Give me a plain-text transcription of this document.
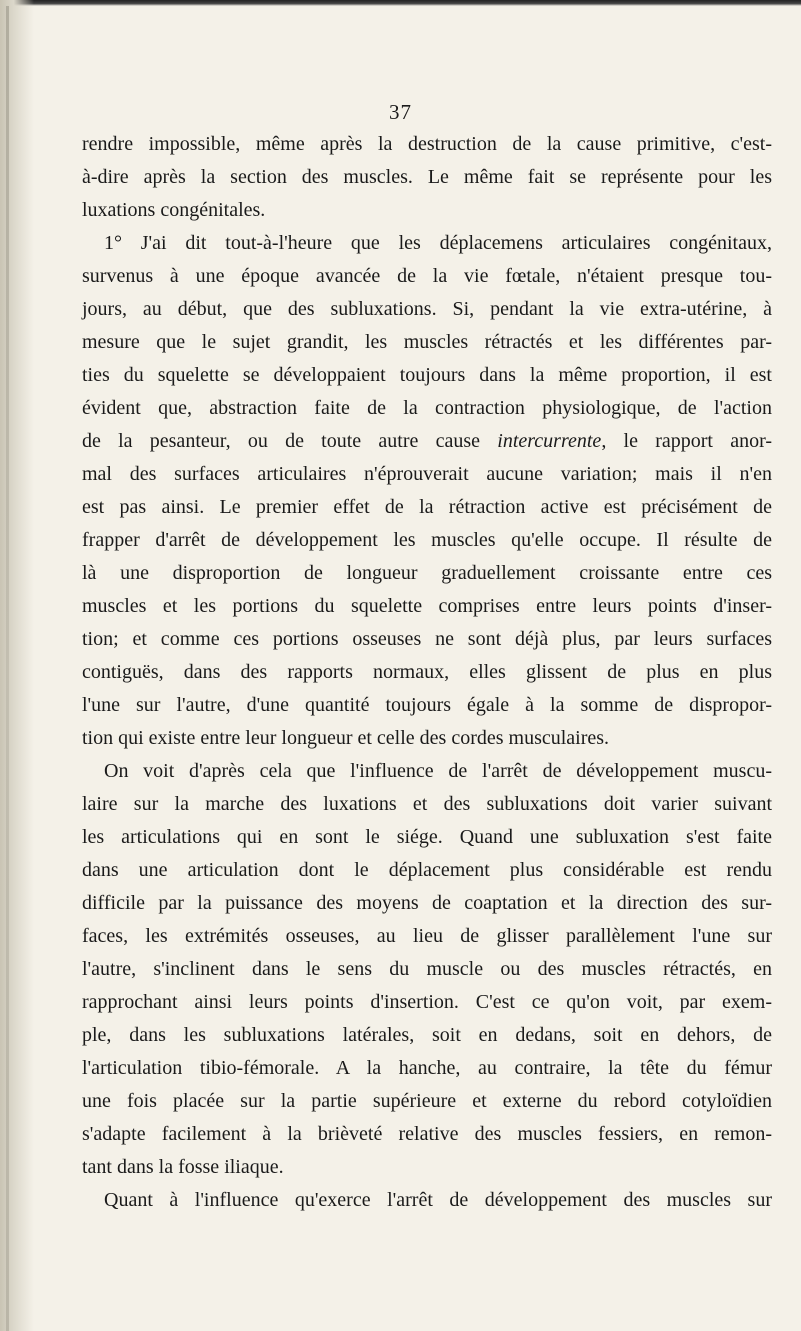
37
rendre impossible, même après la destruction de la cause primitive, c'est-
à-dire après la section des muscles. Le même fait se représente pour les
luxations congénitales.
1° J'ai dit tout-à-l'heure que les déplacemens articulaires congénitaux,
survenus à une époque avancée de la vie fœtale, n'étaient presque tou-
jours, au début, que des subluxations. Si, pendant la vie extra-utérine, à
mesure que le sujet grandit, les muscles rétractés et les différentes par-
ties du squelette se développaient toujours dans la même proportion, il est
évident que, abstraction faite de la contraction physiologique, de l'action
de la pesanteur, ou de toute autre cause intercurrente, le rapport anor-
mal des surfaces articulaires n'éprouverait aucune variation; mais il n'en
est pas ainsi. Le premier effet de la rétraction active est précisément de
frapper d'arrêt de développement les muscles qu'elle occupe. Il résulte de
là une disproportion de longueur graduellement croissante entre ces
muscles et les portions du squelette comprises entre leurs points d'inser-
tion; et comme ces portions osseuses ne sont déjà plus, par leurs surfaces
contiguës, dans des rapports normaux, elles glissent de plus en plus
l'une sur l'autre, d'une quantité toujours égale à la somme de dispropor-
tion qui existe entre leur longueur et celle des cordes musculaires.
On voit d'après cela que l'influence de l'arrêt de développement muscu-
laire sur la marche des luxations et des subluxations doit varier suivant
les articulations qui en sont le siége. Quand une subluxation s'est faite
dans une articulation dont le déplacement plus considérable est rendu
difficile par la puissance des moyens de coaptation et la direction des sur-
faces, les extrémités osseuses, au lieu de glisser parallèlement l'une sur
l'autre, s'inclinent dans le sens du muscle ou des muscles rétractés, en
rapprochant ainsi leurs points d'insertion. C'est ce qu'on voit, par exem-
ple, dans les subluxations latérales, soit en dedans, soit en dehors, de
l'articulation tibio-fémorale. A la hanche, au contraire, la tête du fémur
une fois placée sur la partie supérieure et externe du rebord cotyloïdien
s'adapte facilement à la brièveté relative des muscles fessiers, en remon-
tant dans la fosse iliaque.
Quant à l'influence qu'exerce l'arrêt de développement des muscles sur
